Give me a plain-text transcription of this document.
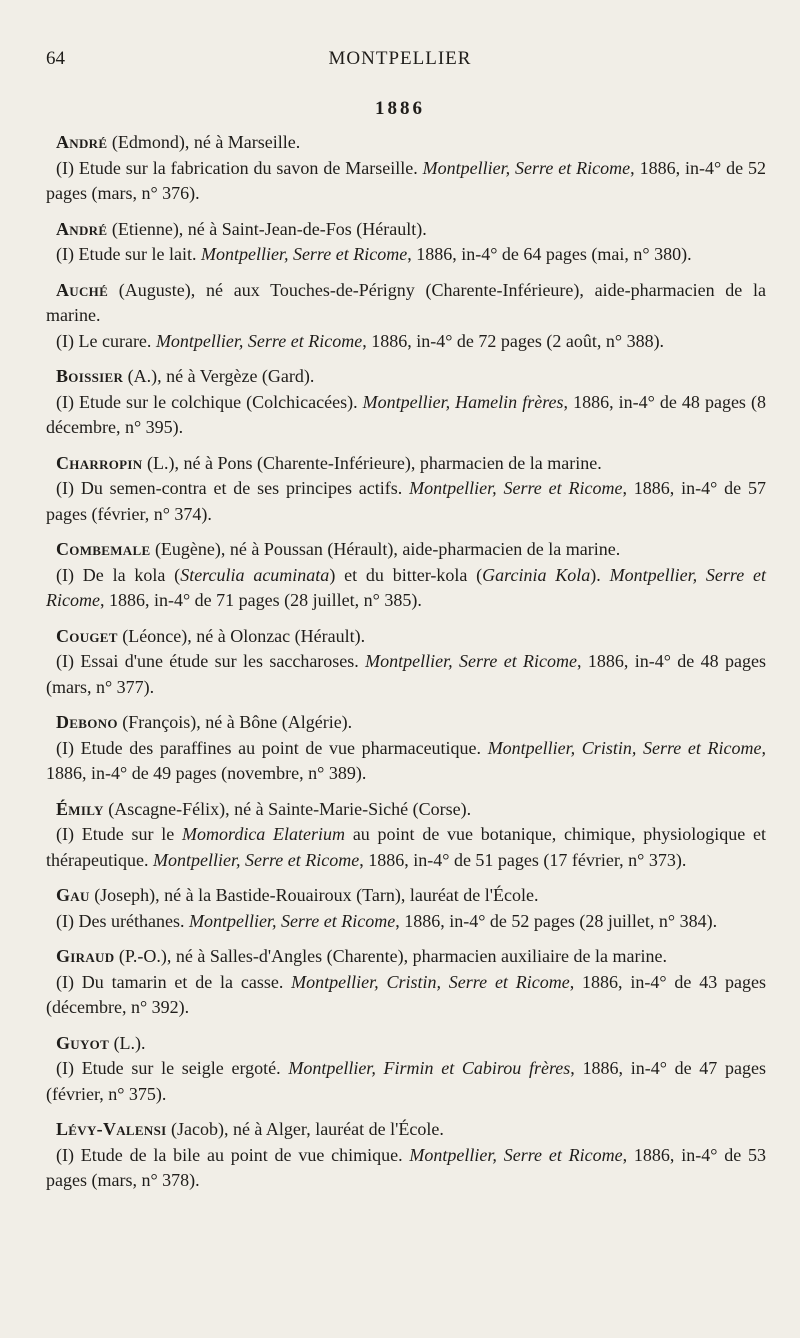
64	MONTPELLIER
1886

André (Edmond), né à Marseille.

(I) Etude sur la fabrication du savon de Marseille. Montpellier, Serre et Ricome, 1886, in-4° de 52 pages (mars, n° 376).

André (Etienne), né à Saint-Jean-de-Fos (Hérault).

(I) Etude sur le lait. Montpellier, Serre et Ricome, 1886, in-4° de 64 pages (mai, n° 380).

Auché (Auguste), né aux Touches-de-Périgny (Charente-Inférieure), aide-pharmacien de la marine.

(I) Le curare. Montpellier, Serre et Ricome, 1886, in-4° de 72 pages (2 août, n° 388).

Boissier (A.), né à Vergèze (Gard).

(I) Etude sur le colchique (Colchicacées). Montpellier, Hamelin frères, 1886, in-4° de 48 pages (8 décembre, n° 395).

Charropin (L.), né à Pons (Charente-Inférieure), pharmacien de la marine.

(I) Du semen-contra et de ses principes actifs. Montpellier, Serre et Ricome, 1886, in-4° de 57 pages (février, n° 374).

Combemale (Eugène), né à Poussan (Hérault), aide-pharmacien de la marine.

(I) De la kola (Sterculia acuminata) et du bitter-kola (Garcinia Kola). Montpellier, Serre et Ricome, 1886, in-4° de 71 pages (28 juillet, n° 385).

Couget (Léonce), né à Olonzac (Hérault).

(I) Essai d'une étude sur les saccharoses. Montpellier, Serre et Ricome, 1886, in-4° de 48 pages (mars, n° 377).

Debono (François), né à Bône (Algérie).

(I) Etude des paraffines au point de vue pharmaceutique. Montpellier, Cristin, Serre et Ricome, 1886, in-4° de 49 pages (novembre, n° 389).

Émily (Ascagne-Félix), né à Sainte-Marie-Siché (Corse).

(I) Etude sur le Momordica Elaterium au point de vue botanique, chimique, physiologique et thérapeutique. Montpellier, Serre et Ricome, 1886, in-4° de 51 pages (17 février, n° 373).

Gau (Joseph), né à la Bastide-Rouairoux (Tarn), lauréat de l'École.

(I) Des uréthanes. Montpellier, Serre et Ricome, 1886, in-4° de 52 pages (28 juillet, n° 384).

Giraud (P.-O.), né à Salles-d'Angles (Charente), pharmacien auxiliaire de la marine.

(I) Du tamarin et de la casse. Montpellier, Cristin, Serre et Ricome, 1886, in-4° de 43 pages (décembre, n° 392).

Guyot (L.).

(I) Etude sur le seigle ergoté. Montpellier, Firmin et Cabirou frères, 1886, in-4° de 47 pages (février, n° 375).

Lévy-Valensi (Jacob), né à Alger, lauréat de l'École.

(I) Etude de la bile au point de vue chimique. Montpellier, Serre et Ricome, 1886, in-4° de 53 pages (mars, n° 378).
